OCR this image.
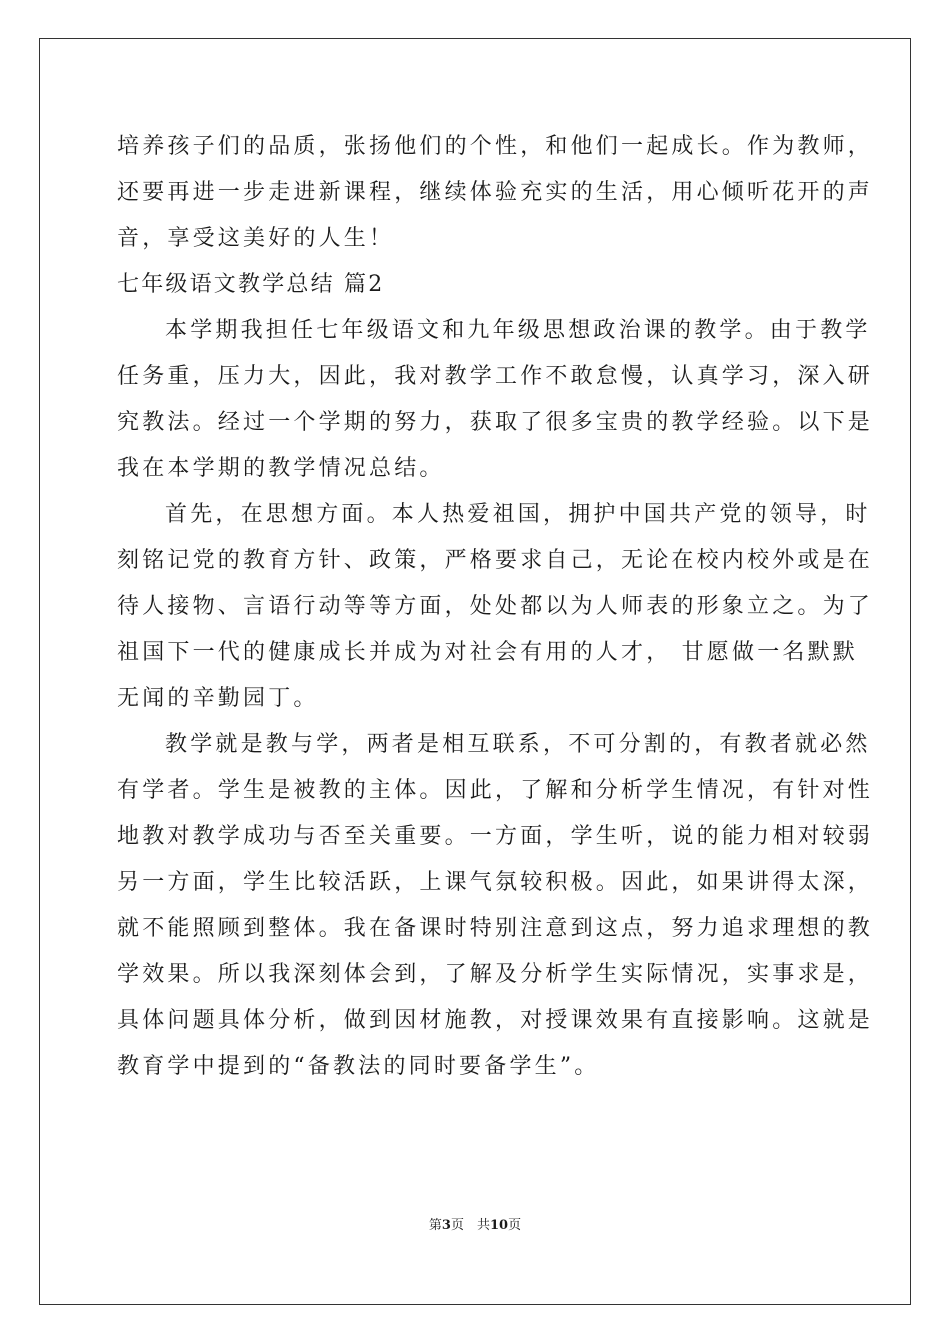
培养孩子们的品质，张扬他们的个性，和他们一起成长。作为教师，
还要再进一步走进新课程，继续体验充实的生活，用心倾听花开的声
音，享受这美好的人生！
七年级语文教学总结 篇2
本学期我担任七年级语文和九年级思想政治课的教学。由于教学
任务重，压力大，因此，我对教学工作不敢怠慢，认真学习，深入研
究教法。经过一个学期的努力，获取了很多宝贵的教学经验。以下是
我在本学期的教学情况总结。
首先，在思想方面。本人热爱祖国，拥护中国共产党的领导，时
刻铭记党的教育方针、政策，严格要求自己，无论在校内校外或是在
待人接物、言语行动等等方面，处处都以为人师表的形象立之。为了
祖国下一代的健康成长并成为对社会有用的人才， 甘愿做一名默默
无闻的辛勤园丁。
教学就是教与学，两者是相互联系，不可分割的，有教者就必然
有学者。学生是被教的主体。因此，了解和分析学生情况，有针对性
地教对教学成功与否至关重要。一方面，学生听，说的能力相对较弱
另一方面，学生比较活跃，上课气氛较积极。因此，如果讲得太深，
就不能照顾到整体。我在备课时特别注意到这点，努力追求理想的教
学效果。所以我深刻体会到，了解及分析学生实际情况，实事求是，
具体问题具体分析，做到因材施教，对授课效果有直接影响。这就是
教育学中提到的“备教法的同时要备学生”。
第3页　共10页
